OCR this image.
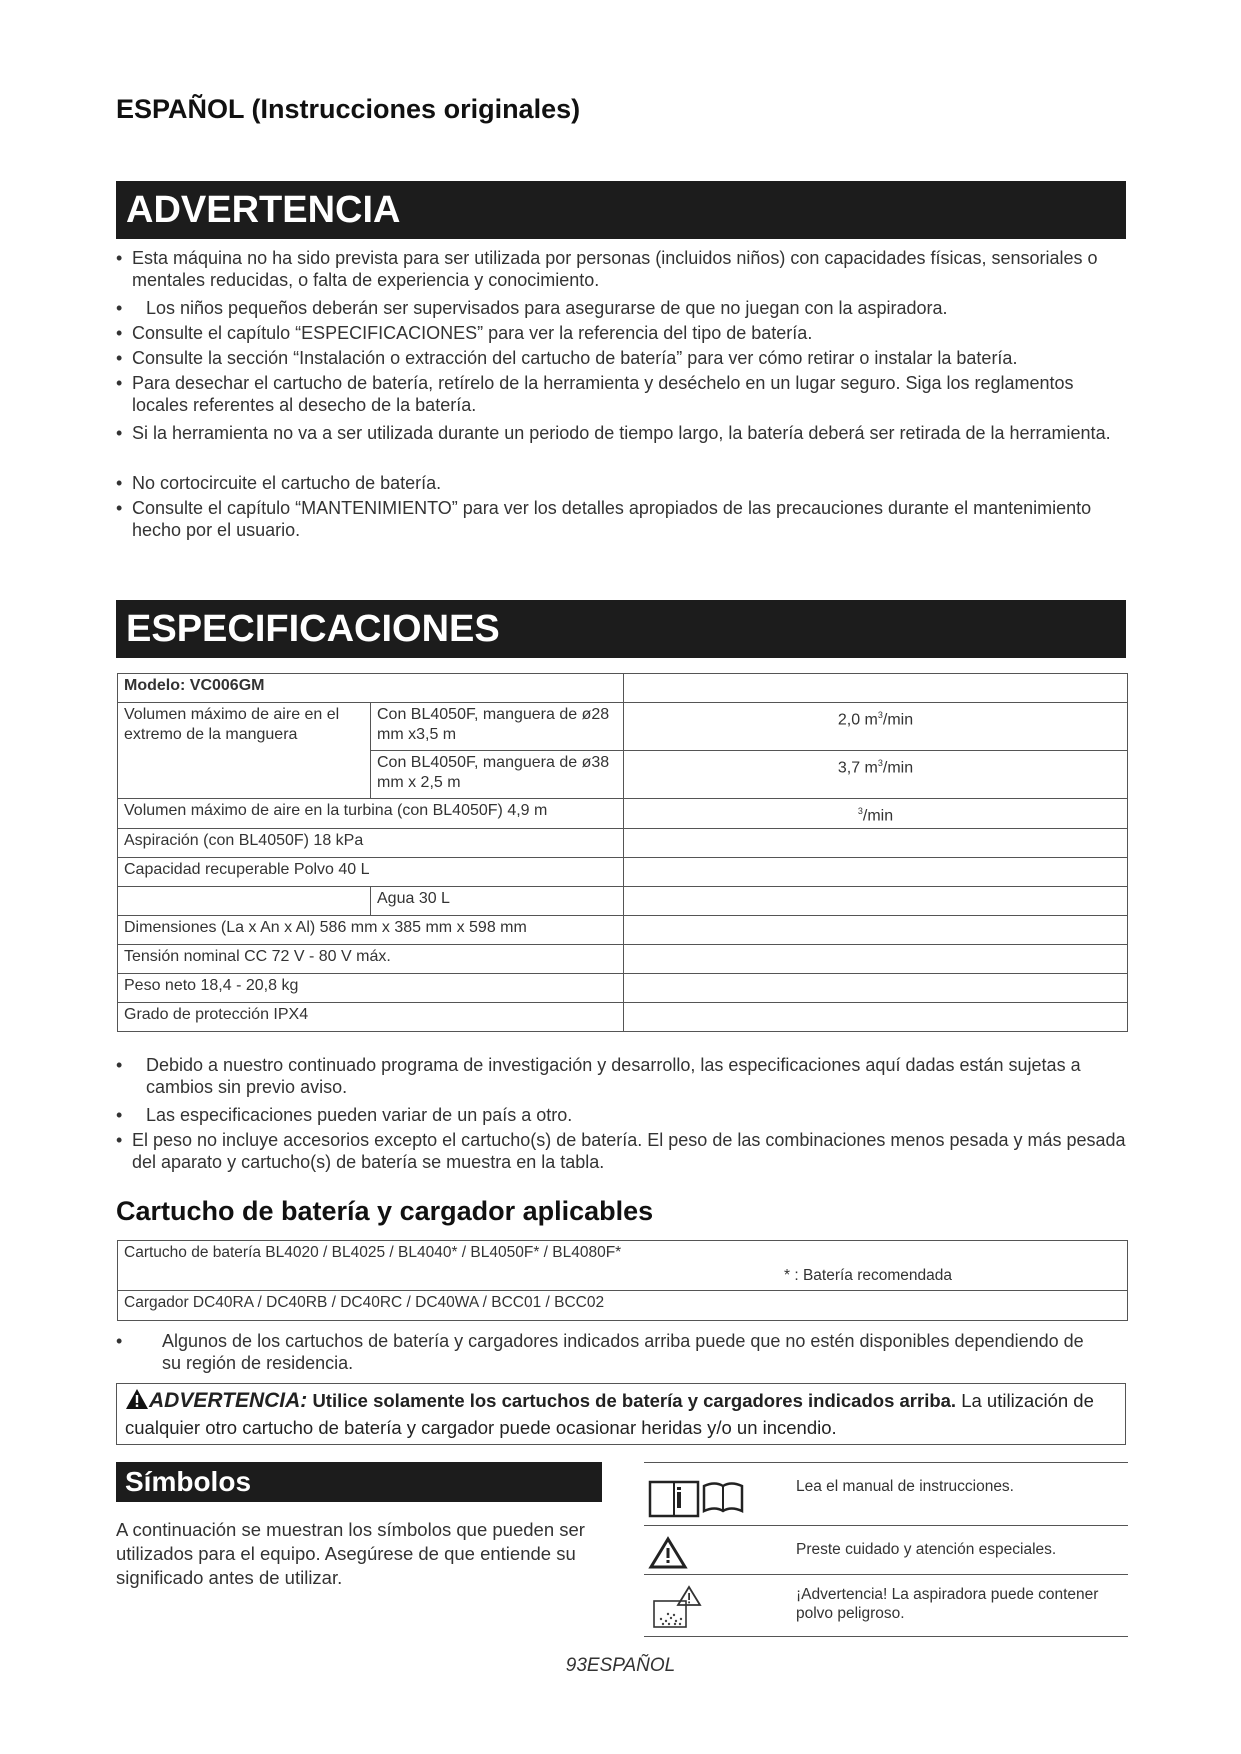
ESPAÑOL (Instrucciones originales)
ADVERTENCIA
• Esta máquina no ha sido prevista para ser utilizada por personas (incluidos niños) con capacidades físicas, sensoriales o mentales reducidas, o falta de experiencia y conocimiento.
•	Los niños pequeños deberán ser supervisados para asegurarse de que no juegan con la aspiradora.
• Consulte el capítulo “ESPECIFICACIONES” para ver la referencia del tipo de batería.
• Consulte la sección “Instalación o extracción del cartucho de batería” para ver cómo retirar o instalar la batería.
• Para desechar el cartucho de batería, retírelo de la herramienta y deséchelo en un lugar seguro. Siga los reglamentos locales referentes al desecho de la batería.
• Si la herramienta no va a ser utilizada durante un periodo de tiempo largo, la batería deberá ser retirada de la herramienta.
• No cortocircuite el cartucho de batería.
• Consulte el capítulo “MANTENIMIENTO” para ver los detalles apropiados de las precauciones durante el mantenimiento hecho por el usuario.
ESPECIFICACIONES
Modelo: VC006GM		
Volumen máximo de aire en el extremo de la manguera	Con BL4050F, manguera de ø28 mm x3,5 m	2,0 $m^3/\min$
	Con BL4050F, manguera de ø38 mm x 2,5 m	3,7 $m^3/\min$
Volumen máximo de aire en la turbina (con BL4050F) 4,9 m		$^3$/min
Aspiración (con BL4050F) 18 kPa		
Capacidad recuperable Polvo 40 L		
	Agua 30 L	
Dimensiones (La x An x Al) 586 mm x 385 mm x 598 mm		
Tensión nominal CC 72 V - 80 V máx.		
Peso neto 18,4 - 20,8 kg		
Grado de protección IPX4		
•	Debido a nuestro continuado programa de investigación y desarrollo, las especificaciones aquí dadas están sujetas a cambios sin previo aviso.
•	Las especificaciones pueden variar de un país a otro.
• El peso no incluye accesorios excepto el cartucho(s) de batería. El peso de las combinaciones menos pesada y más pesada del aparato y cartucho(s) de batería se muestra en la tabla.
Cartucho de batería y cargador aplicables
Cartucho de batería BL4020 / BL4025 / BL4040* / BL4050F* / BL4080F*
* : Batería recomendada

Cargador DC40RA / DC40RB / DC40RC / DC40WA / BCC01 / BCC02
•	Algunos de los cartuchos de batería y cargadores indicados arriba puede que no estén disponibles dependiendo de su región de residencia.
ADVERTENCIA: Utilice solamente los cartuchos de batería y cargadores indicados arriba. La utilización de cualquier otro cartucho de batería y cargador puede ocasionar heridas y/o un incendio.
Símbolos
A continuación se muestran los símbolos que pueden ser utilizados para el equipo. Asegúrese de que entiende su significado antes de utilizar.
Lea el manual de instrucciones.
Preste cuidado y atención especiales.
¡Advertencia! La aspiradora puede contener polvo peligroso.
93ESPAÑOL
